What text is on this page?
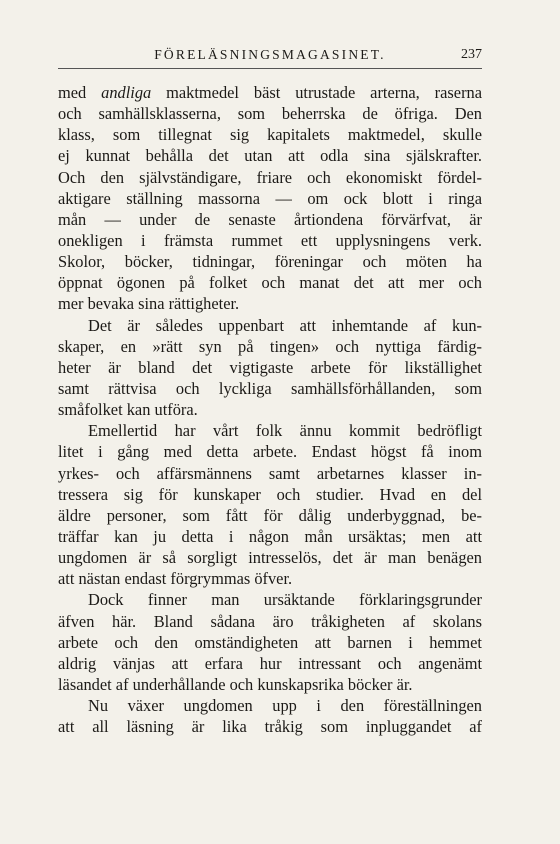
FÖRELÄSNINGSMAGASINET.	237
med andliga maktmedel bäst utrustade arterna, raserna
och samhällsklasserna, som beherrska de öfriga. Den
klass, som tillegnat sig kapitalets maktmedel, skulle
ej kunnat behålla det utan att odla sina själskrafter.
Och den självständigare, friare och ekonomiskt fördel-
aktigare ställning massorna — om ock blott i ringa
mån — under de senaste årtiondena förvärfvat, är
onekligen i främsta rummet ett upplysningens verk.
Skolor, böcker, tidningar, föreningar och möten ha
öppnat ögonen på folket och manat det att mer och
mer bevaka sina rättigheter.
Det är således uppenbart att inhemtande af kun-
skaper, en »rätt syn på tingen» och nyttiga färdig-
heter är bland det vigtigaste arbete för likställighet
samt rättvisa och lyckliga samhällsförhållanden, som
småfolket kan utföra.
Emellertid har vårt folk ännu kommit bedröfligt
litet i gång med detta arbete. Endast högst få inom
yrkes- och affärsmännens samt arbetarnes klasser in-
tressera sig för kunskaper och studier. Hvad en del
äldre personer, som fått för dålig underbyggnad, be-
träffar kan ju detta i någon mån ursäktas; men att
ungdomen är så sorgligt intresselös, det är man benägen
att nästan endast förgrymmas öfver.
Dock finner man ursäktande förklaringsgrunder
äfven här. Bland sådana äro tråkigheten af skolans
arbete och den omständigheten att barnen i hemmet
aldrig vänjas att erfara hur intressant och angenämt
läsandet af underhållande och kunskapsrika böcker är.
Nu växer ungdomen upp i den föreställningen
att all läsning är lika tråkig som inpluggandet af
